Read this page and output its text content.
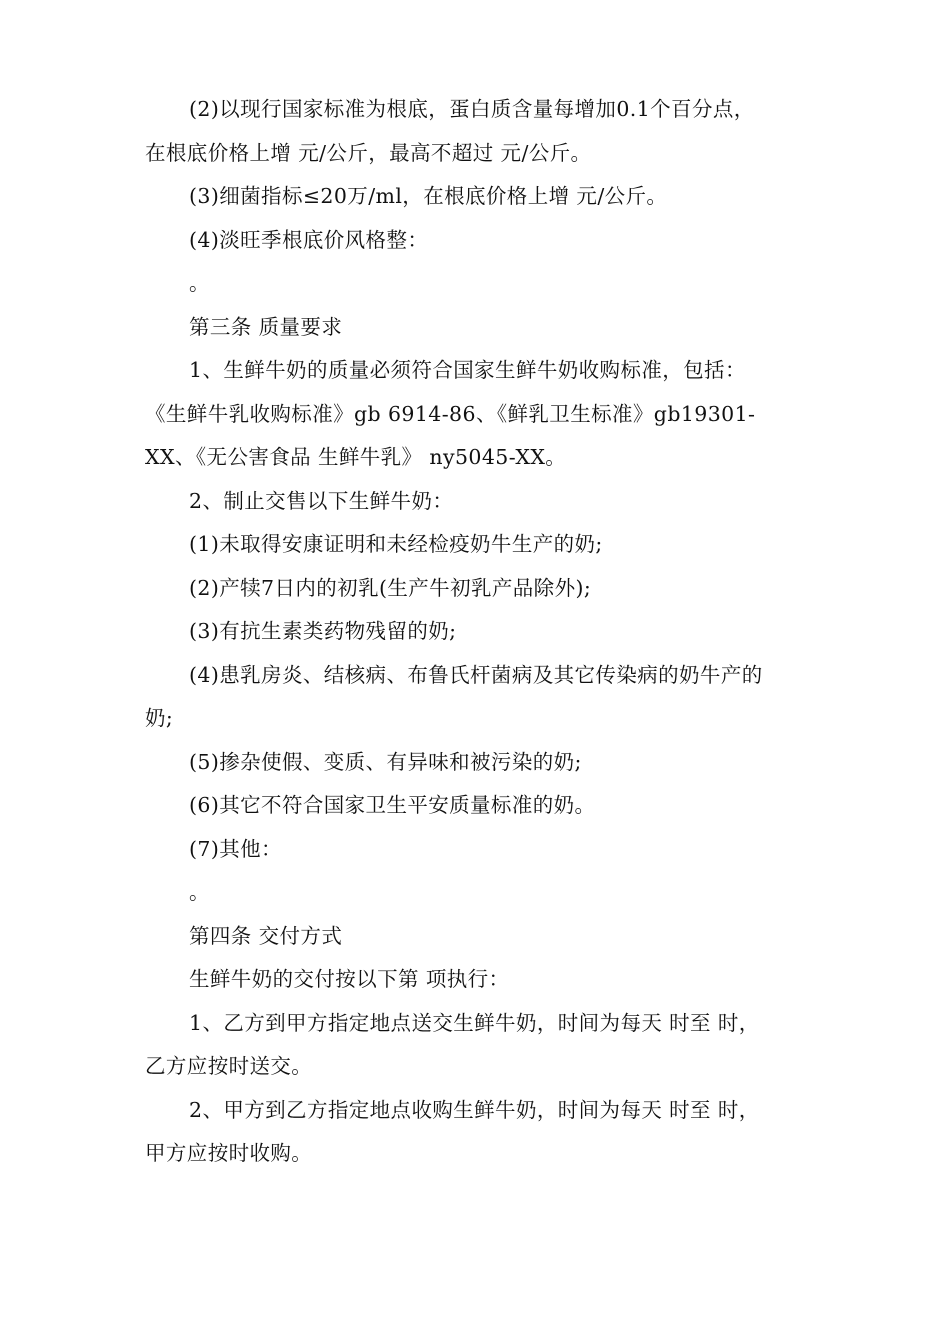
(2)以现行国家标准为根底，蛋白质含量每增加0.1个百分点，
在根底价格上增 元/公斤，最高不超过 元/公斤。
(3)细菌指标≤20万/ml，在根底价格上增 元/公斤。
(4)淡旺季根底价风格整：
。
第三条 质量要求
1、生鲜牛奶的质量必须符合国家生鲜牛奶收购标准，包括：
《生鲜牛乳收购标准》gb 6914-86、《鲜乳卫生标准》gb19301-
XX、《无公害食品 生鲜牛乳》 ny5045-XX。
2、制止交售以下生鲜牛奶：
(1)未取得安康证明和未经检疫奶牛生产的奶;
(2)产犊7日内的初乳(生产牛初乳产品除外);
(3)有抗生素类药物残留的奶;
(4)患乳房炎、结核病、布鲁氏杆菌病及其它传染病的奶牛产的
奶;
(5)掺杂使假、变质、有异味和被污染的奶;
(6)其它不符合国家卫生平安质量标准的奶。
(7)其他：
。
第四条 交付方式
生鲜牛奶的交付按以下第 项执行：
1、乙方到甲方指定地点送交生鲜牛奶，时间为每天 时至 时，
乙方应按时送交。
2、甲方到乙方指定地点收购生鲜牛奶，时间为每天 时至 时，
甲方应按时收购。
